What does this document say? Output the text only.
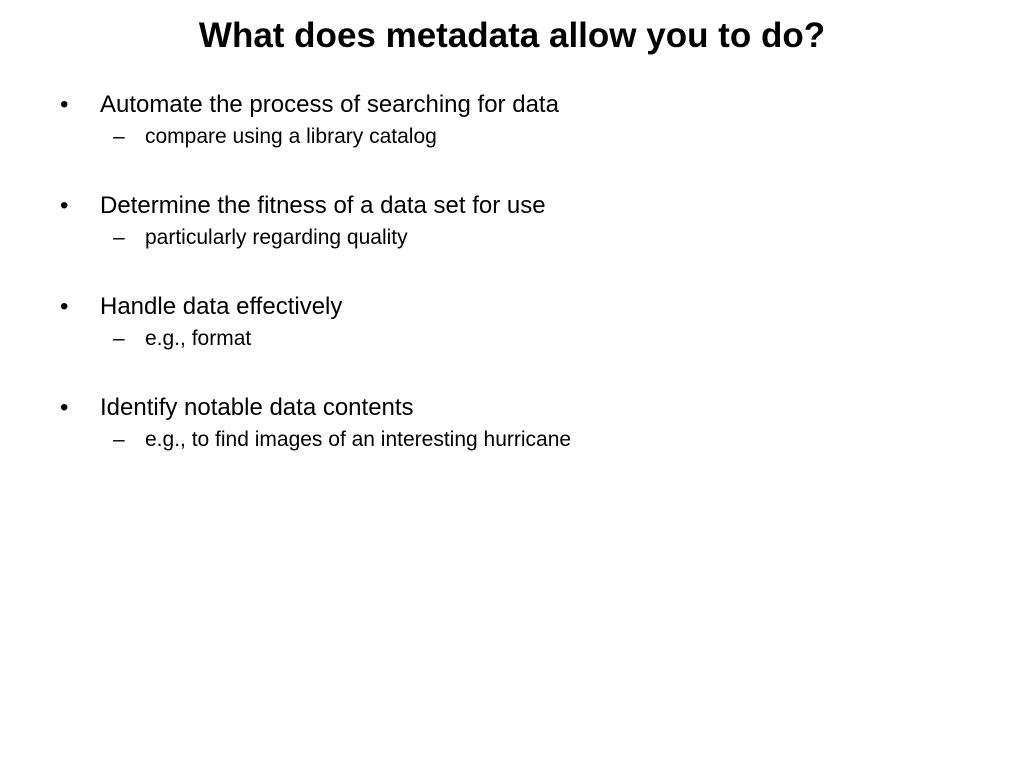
What does metadata allow you to do?
•	Automate the process of searching for data
– compare using a library catalog
•	Determine the fitness of a data set for use
– particularly regarding quality
•	Handle data effectively
– e.g., format
•	Identify notable data contents
– e.g., to find images of an interesting hurricane
